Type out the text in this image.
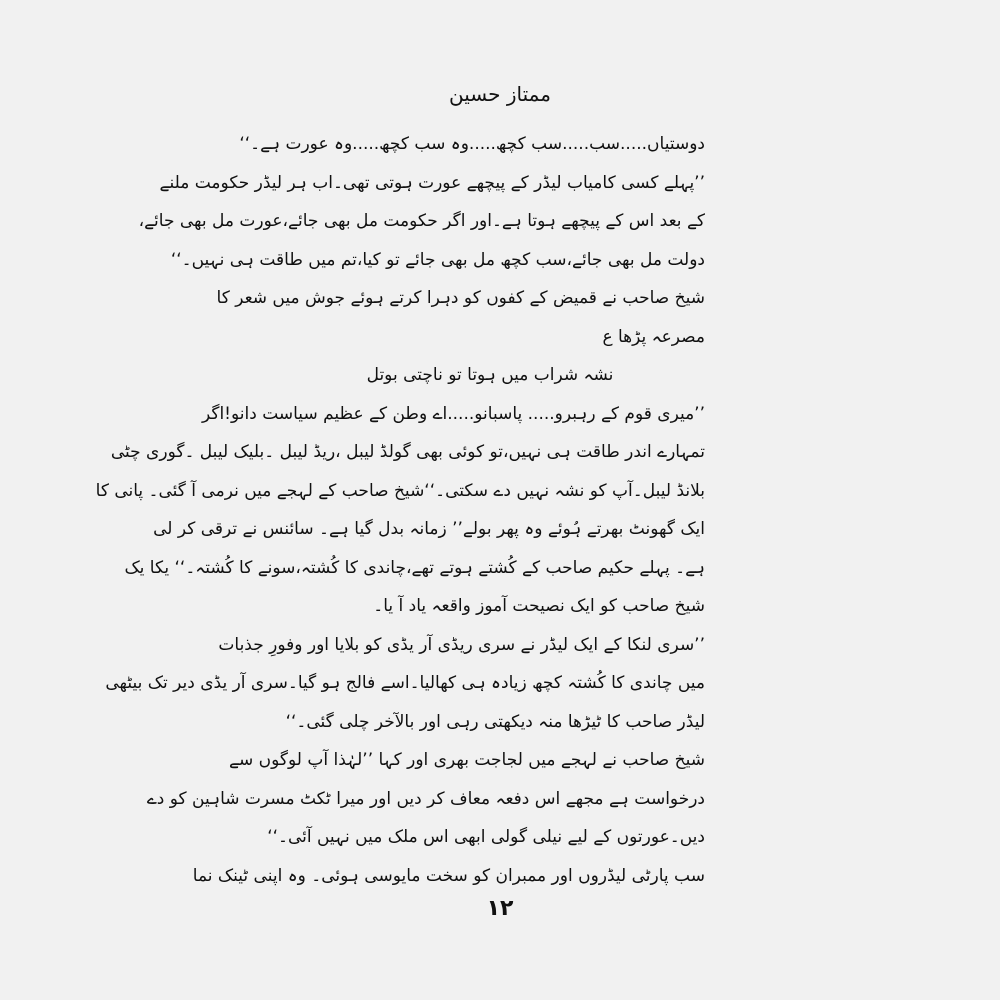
ممتاز حسین
دوستیاں.....سب.....سب کچھ.....وہ سب کچھ.....وہ عورت ہے۔‘‘
’’پہلے کسی کامیاب لیڈر کے پیچھے عورت ہوتی تھی۔اب ہر لیڈر حکومت ملنے
کے بعد اس کے پیچھے ہوتا ہے۔اور اگر حکومت مل بھی جائے،عورت مل بھی جائے،
دولت مل بھی جائے،سب کچھ مل بھی جائے تو کیا،تم میں طاقت ہی نہیں۔‘‘
شیخ صاحب نے قمیض کے کفوں کو دہرا کرتے ہوئے جوش میں شعر کا
مصرعہ پڑھا ع
نشہ شراب میں ہوتا تو ناچتی بوتل
’’میری قوم کے رہبرو..... پاسبانو.....اے وطن کے عظیم سیاست دانو!اگر
تمہارے اندر طاقت ہی نہیں،تو کوئی بھی گولڈ لیبل ،ریڈ لیبل ۔بلیک لیبل ۔گوری چٹی
بلانڈ لیبل۔آپ کو نشہ نہیں دے سکتی۔‘‘شیخ صاحب کے لہجے میں نرمی آ گئی۔ پانی کا
ایک گھونٹ بھرتے ہُوئے وہ پھر بولے’’ زمانہ بدل گیا ہے۔ سائنس نے ترقی کر لی
ہے۔ پہلے حکیم صاحب کے کُشتے ہوتے تھے،چاندی کا کُشتہ،سونے کا کُشتہ۔‘‘ یکا یک
شیخ صاحب کو ایک نصیحت آموز واقعہ یاد آ یا۔
’’سری لنکا کے ایک لیڈر نے سری ریڈی آر یڈی کو بلایا اور وفورِ جذبات
میں چاندی کا کُشتہ کچھ زیادہ ہی کھالیا۔اسے فالج ہو گیا۔سری آر یڈی دیر تک بیٹھی
لیڈر صاحب کا ٹیڑھا منہ دیکھتی رہی اور بالآخر چلی گئی۔‘‘
شیخ صاحب نے لہجے میں لجاجت بھری اور کہا ’’لہٰذا آپ لوگوں سے
درخواست ہے مجھے اس دفعہ معاف کر دیں اور میرا ٹکٹ مسرت شاہین کو دے
دیں۔عورتوں کے لیے نیلی گولی ابھی اس ملک میں نہیں آئی۔‘‘
سب پارٹی لیڈروں اور ممبران کو سخت مایوسی ہوئی۔ وہ اپنی ٹینک نما
۱۲
